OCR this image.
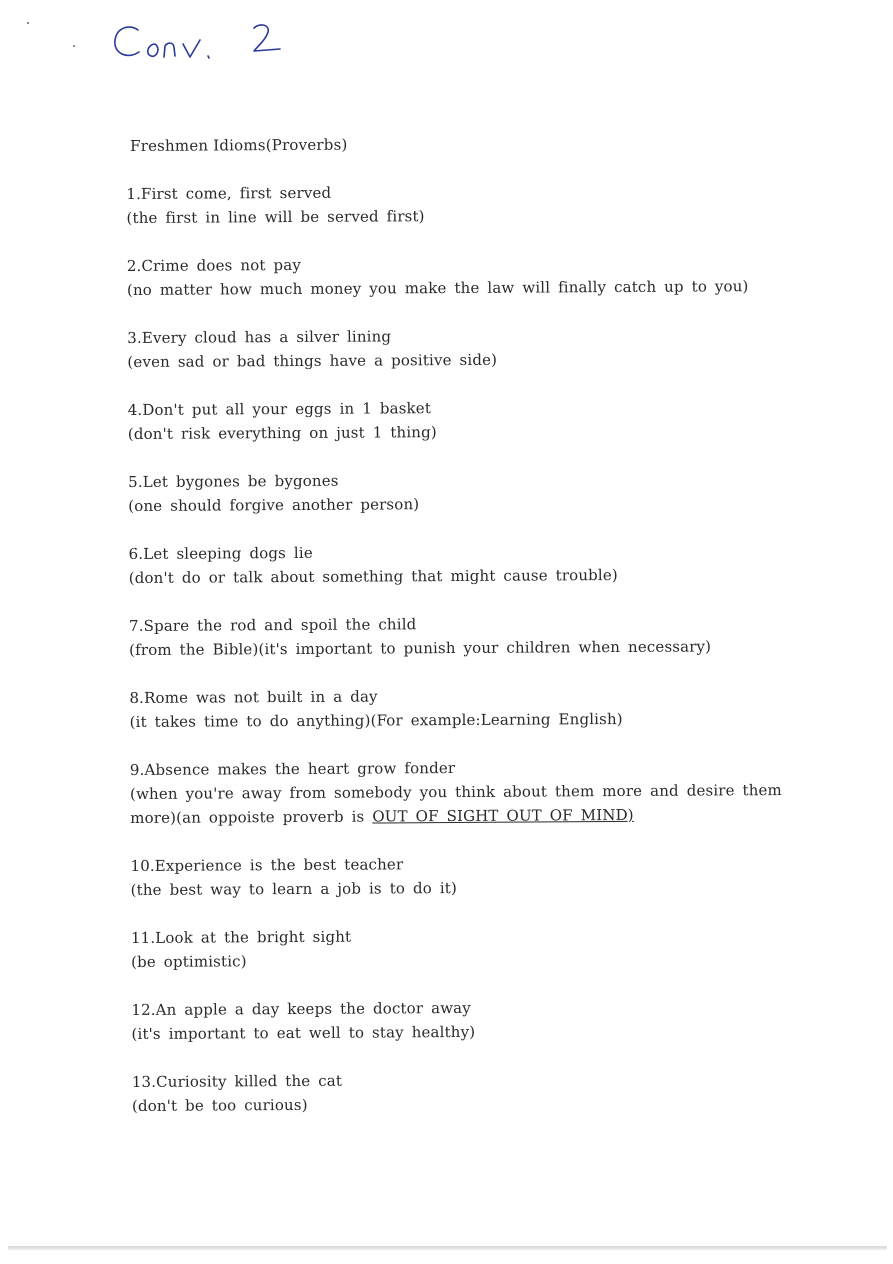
Freshmen Idioms(Proverbs)

1.First come, first served

(the first in line will be served first)

2.Crime does not pay

(no matter how much money you make the law will finally catch up to you)

3.Every cloud has a silver lining

(even sad or bad things have a positive side)

4.Don't put all your eggs in 1 basket

(don't risk everything on just 1 thing)

5.Let bygones be bygones

(one should forgive another person)

6.Let sleeping dogs lie

(don't do or talk about something that might cause trouble)

7.Spare the rod and spoil the child

(from the Bible)(it's important to punish your children when necessary)

8.Rome was not built in a day

(it takes time to do anything)(For example:Learning English)

9.Absence makes the heart grow fonder

(when you're away from somebody you think about them more and desire them

more)(an oppoiste proverb is OUT OF SIGHT OUT OF MIND)

10.Experience is the best teacher

(the best way to learn a job is to do it)

11.Look at the bright sight

(be optimistic)

12.An apple a day keeps the doctor away

(it's important to eat well to stay healthy)

13.Curiosity killed the cat

(don't be too curious)
